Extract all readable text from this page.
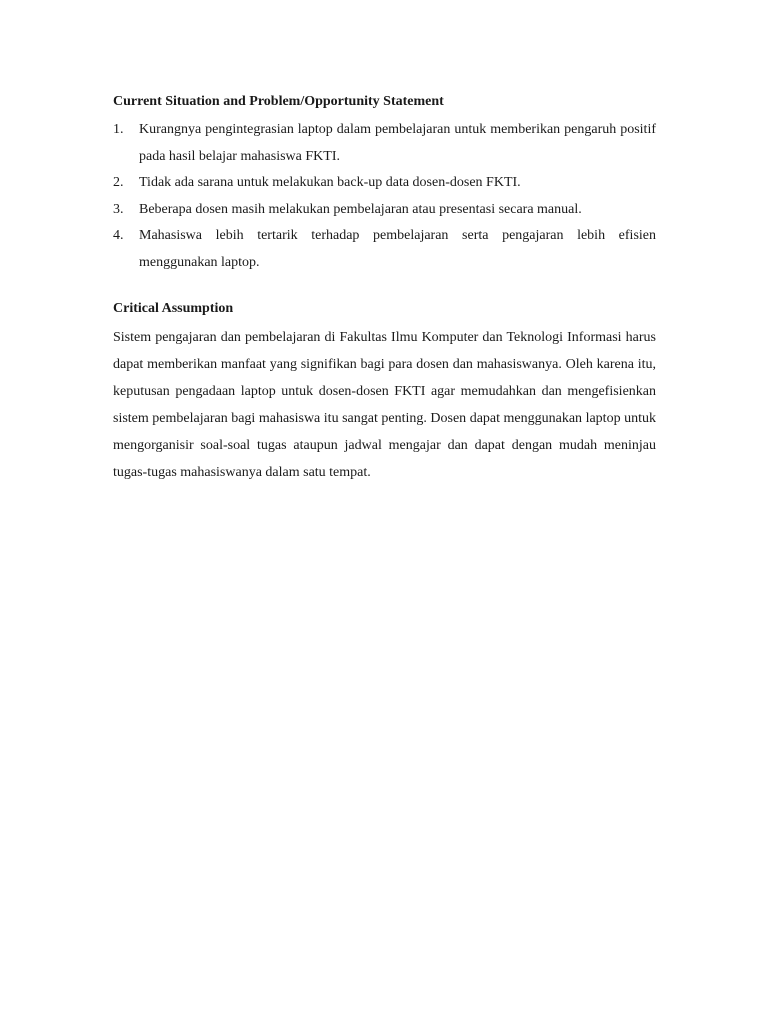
Current Situation and Problem/Opportunity Statement
1.	Kurangnya pengintegrasian laptop dalam pembelajaran untuk memberikan pengaruh positif pada hasil belajar mahasiswa FKTI.
2.	Tidak ada sarana untuk melakukan back-up data dosen-dosen FKTI.
3.	Beberapa dosen masih melakukan pembelajaran atau presentasi secara manual.
4.	Mahasiswa lebih tertarik terhadap pembelajaran serta pengajaran lebih efisien menggunakan laptop.
Critical Assumption

Sistem pengajaran dan pembelajaran di Fakultas Ilmu Komputer dan Teknologi Informasi harus dapat memberikan manfaat yang signifikan bagi para dosen dan mahasiswanya. Oleh karena itu, keputusan pengadaan laptop untuk dosen-dosen FKTI agar memudahkan dan mengefisienkan sistem pembelajaran bagi mahasiswa itu sangat penting. Dosen dapat menggunakan laptop untuk mengorganisir soal-soal tugas ataupun jadwal mengajar dan dapat dengan mudah meninjau tugas-tugas mahasiswanya dalam satu tempat.
